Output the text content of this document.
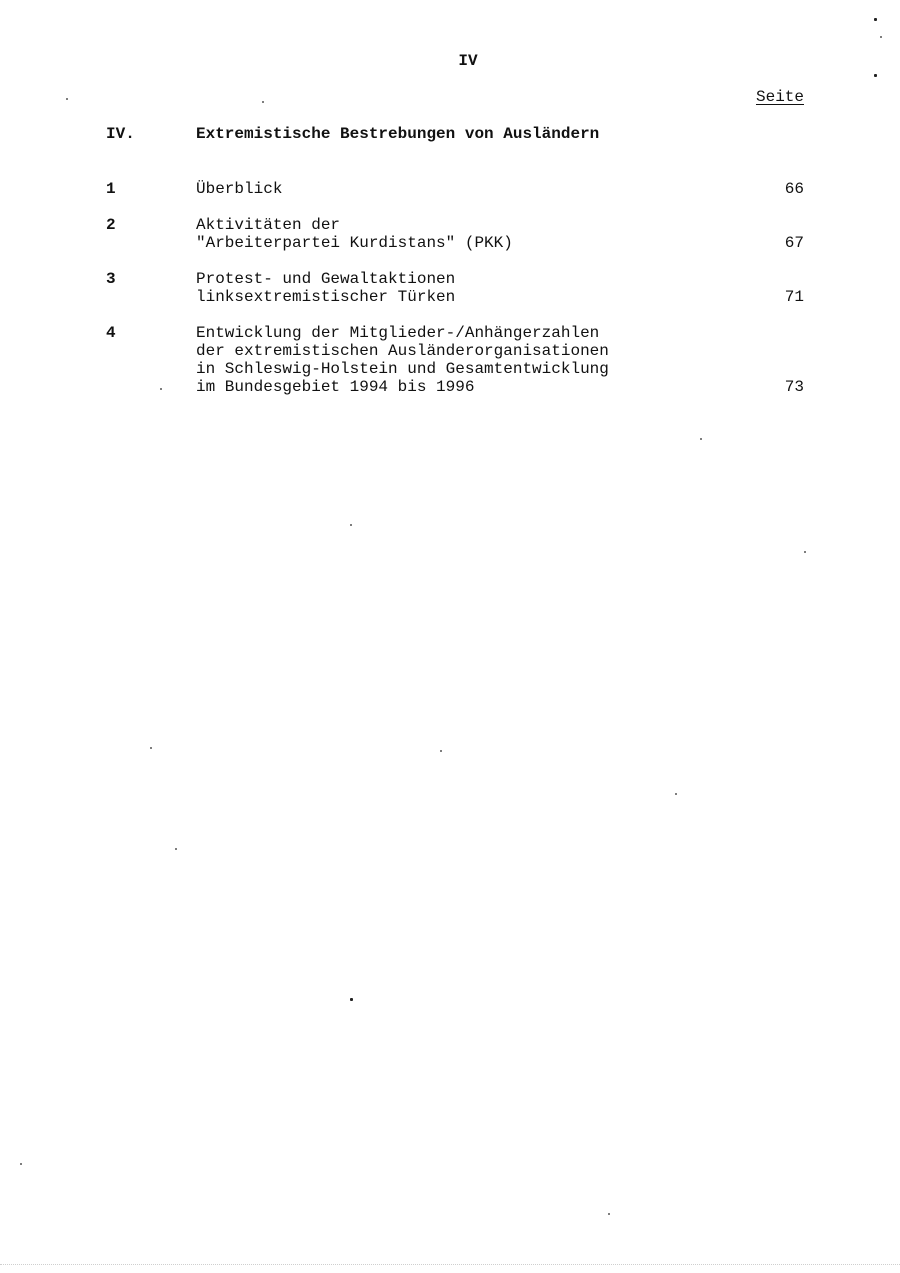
IV
Seite
IV.	Extremistische Bestrebungen von Ausländern
1	Überblick	66
2	Aktivitäten der
"Arbeiterpartei Kurdistans" (PKK)	67
3	Protest- und Gewaltaktionen
linksextremistischer Türken	71
4	Entwicklung der Mitglieder-/Anhängerzahlen
der extremistischen Ausländerorganisationen
in Schleswig-Holstein und Gesamtentwicklung
im Bundesgebiet 1994 bis 1996	73
